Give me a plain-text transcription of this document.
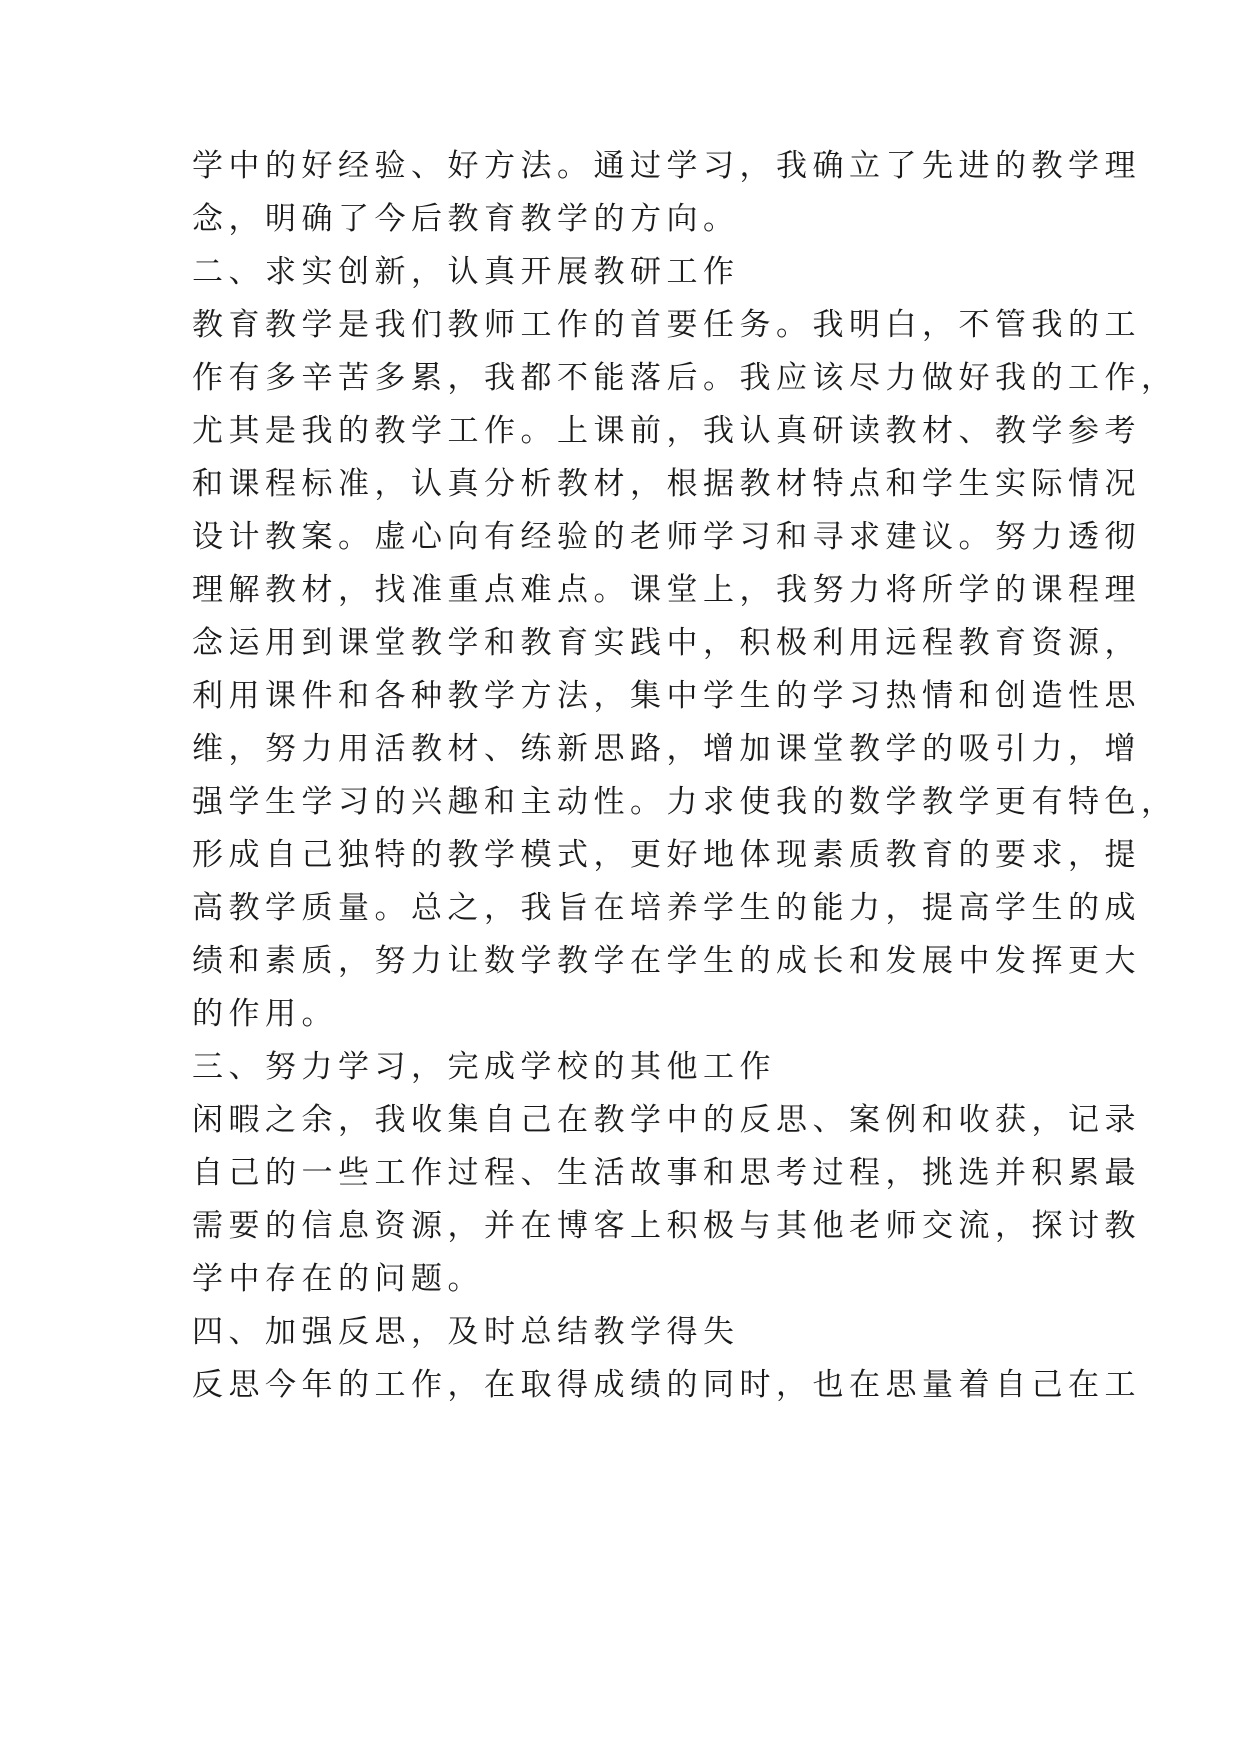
学中的好经验、好方法。通过学习，我确立了先进的教学理
念，明确了今后教育教学的方向。
二、求实创新，认真开展教研工作
教育教学是我们教师工作的首要任务。我明白，不管我的工
作有多辛苦多累，我都不能落后。我应该尽力做好我的工作，
尤其是我的教学工作。上课前，我认真研读教材、教学参考
和课程标准，认真分析教材，根据教材特点和学生实际情况
设计教案。虚心向有经验的老师学习和寻求建议。努力透彻
理解教材，找准重点难点。课堂上，我努力将所学的课程理
念运用到课堂教学和教育实践中，积极利用远程教育资源，
利用课件和各种教学方法，集中学生的学习热情和创造性思
维，努力用活教材、练新思路，增加课堂教学的吸引力，增
强学生学习的兴趣和主动性。力求使我的数学教学更有特色，
形成自己独特的教学模式，更好地体现素质教育的要求，提
高教学质量。总之，我旨在培养学生的能力，提高学生的成
绩和素质，努力让数学教学在学生的成长和发展中发挥更大
的作用。
三、努力学习，完成学校的其他工作
闲暇之余，我收集自己在教学中的反思、案例和收获，记录
自己的一些工作过程、生活故事和思考过程，挑选并积累最
需要的信息资源，并在博客上积极与其他老师交流，探讨教
学中存在的问题。
四、加强反思，及时总结教学得失
反思今年的工作，在取得成绩的同时，也在思量着自己在工
